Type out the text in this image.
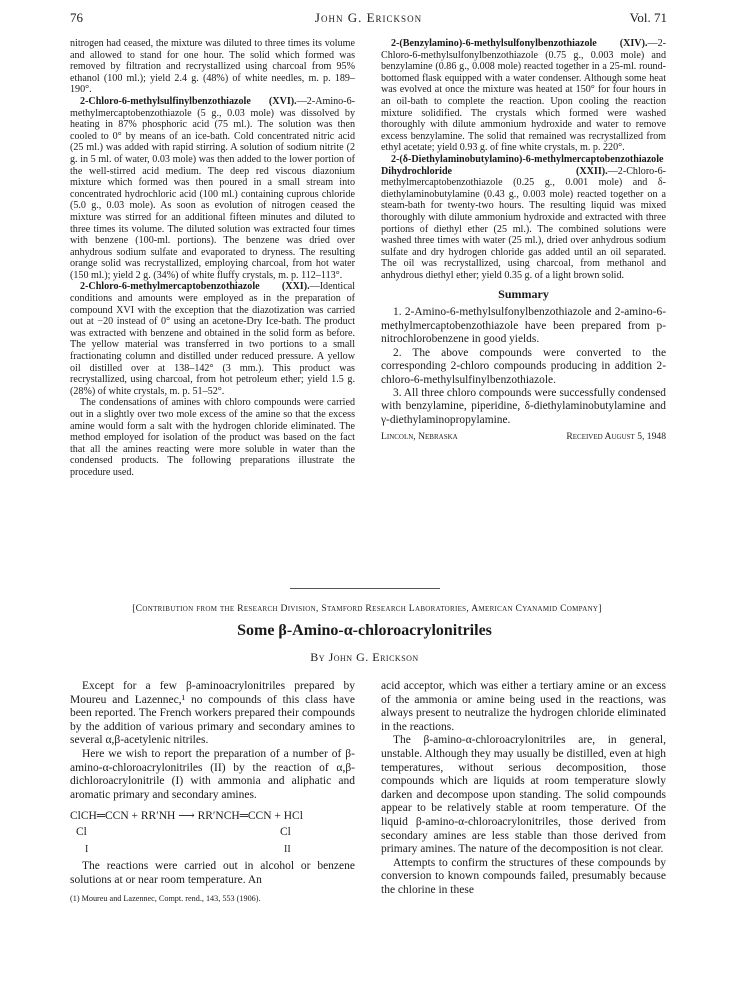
76	John G. Erickson	Vol. 71

nitrogen had ceased, the mixture was diluted to three times its volume and allowed to stand for one hour. The solid which formed was removed by filtration and recrystallized using charcoal from 95% ethanol (100 ml.); yield 2.4 g. (48%) of white needles, m. p. 189–190°.

2-Chloro-6-methylsulfinylbenzothiazole (XVI).—2-Amino-6-methylmercaptobenzothiazole (5 g., 0.03 mole) was dissolved by heating in 87% phosphoric acid (75 ml.). The solution was then cooled to 0° by means of an ice-bath. Cold concentrated nitric acid (25 ml.) was added with rapid stirring. A solution of sodium nitrite (2 g. in 5 ml. of water, 0.03 mole) was then added to the lower portion of the well-stirred acid medium. The deep red viscous diazonium mixture which formed was then poured in a small stream into concentrated hydrochloric acid (100 ml.) containing cuprous chloride (5.0 g., 0.03 mole). As soon as evolution of nitrogen ceased the mixture was stirred for an additional fifteen minutes and diluted to three times its volume. The diluted solution was extracted four times with benzene (100-ml. portions). The benzene was dried over anhydrous sodium sulfate and evaporated to dryness. The resulting orange solid was recrystallized, employing charcoal, from hot water (150 ml.); yield 2 g. (34%) of white fluffy crystals, m. p. 112–113°.

2-Chloro-6-methylmercaptobenzothiazole (XXI).—Identical conditions and amounts were employed as in the preparation of compound XVI with the exception that the diazotization was carried out at −20 instead of 0° using an acetone-Dry Ice-bath. The product was extracted with benzene and obtained in the solid form as before. The yellow material was transferred in two portions to a small fractionating column and distilled under reduced pressure. A yellow oil distilled over at 138–142° (3 mm.). This product was recrystallized, using charcoal, from hot petroleum ether; yield 1.5 g. (28%) of white crystals, m. p. 51–52°.

The condensations of amines with chloro compounds were carried out in a slightly over two mole excess of the amine so that the excess amine would form a salt with the hydrogen chloride eliminated. The method employed for isolation of the product was based on the fact that all the amines reacting were more soluble in water than the condensed products. The following preparations illustrate the procedure used.

2-(Benzylamino)-6-methylsulfonylbenzothiazole (XIV).—2-Chloro-6-methylsulfonylbenzothiazole (0.75 g., 0.003 mole) and benzylamine (0.86 g., 0.008 mole) reacted together in a 25-ml. round-bottomed flask equipped with a water condenser. Although some heat was evolved at once the mixture was heated at 150° for four hours in an oil-bath to complete the reaction. Upon cooling the reaction mixture solidified. The crystals which formed were washed thoroughly with dilute ammonium hydroxide and water to remove excess benzylamine. The solid that remained was recrystallized from ethyl acetate; yield 0.93 g. of fine white crystals, m. p. 220°.

2-(δ-Diethylaminobutylamino)-6-methylmercaptobenzothiazole Dihydrochloride (XXII).—2-Chloro-6-methylmercaptobenzothiazole (0.25 g., 0.001 mole) and δ-diethylaminobutylamine (0.43 g., 0.003 mole) reacted together on a steam-bath for twenty-two hours. The resulting liquid was mixed thoroughly with dilute ammonium hydroxide and extracted with three portions of diethyl ether (25 ml.). The combined solutions were washed three times with water (25 ml.), dried over anhydrous sodium sulfate and dry hydrogen chloride gas added until an oil separated. The oil was recrystallized, using charcoal, from methanol and anhydrous diethyl ether; yield 0.35 g. of a light brown solid.

Summary

1. 2-Amino-6-methylsulfonylbenzothiazole and 2-amino-6-methylmercaptobenzothiazole have been prepared from p-nitrochlorobenzene in good yields.

2. The above compounds were converted to the corresponding 2-chloro compounds producing in addition 2-chloro-6-methylsulfinylbenzothiazole.

3. All three chloro compounds were successfully condensed with benzylamine, piperidine, δ-diethylaminobutylamine and γ-diethylaminopropylamine.

Lincoln, Nebraska	Received August 5, 1948
[Contribution from the Research Division, Stamford Research Laboratories, American Cyanamid Company]
Some β-Amino-α-chloroacrylonitriles
By John G. Erickson

Except for a few β-aminoacrylonitriles prepared by Moureu and Lazennec,¹ no compounds of this class have been reported. The French workers prepared their compounds by the addition of various primary and secondary amines to several α,β-acetylenic nitriles.

Here we wish to report the preparation of a number of β-amino-α-chloroacrylonitriles (II) by the reaction of α,β-dichloroacrylonitrile (I) with ammonia and aliphatic and aromatic primary and secondary amines.

ClCH═CCN + RR′NH ⟶ RR′NCH═CCN + HCl
Cl	Cl
I	II

The reactions were carried out in alcohol or benzene solutions at or near room temperature. An

(1) Moureu and Lazennec, Compt. rend., 143, 553 (1906).

acid acceptor, which was either a tertiary amine or an excess of the ammonia or amine being used in the reactions, was always present to neutralize the hydrogen chloride eliminated in the reactions.

The β-amino-α-chloroacrylonitriles are, in general, unstable. Although they may usually be distilled, even at high temperatures, without serious decomposition, those compounds which are liquids at room temperature slowly darken and decompose upon standing. The solid compounds appear to be relatively stable at room temperature. Of the liquid β-amino-α-chloroacrylonitriles, those derived from secondary amines are less stable than those derived from primary amines. The nature of the decomposition is not clear.

Attempts to confirm the structures of these compounds by conversion to known compounds failed, presumably because the chlorine in these
